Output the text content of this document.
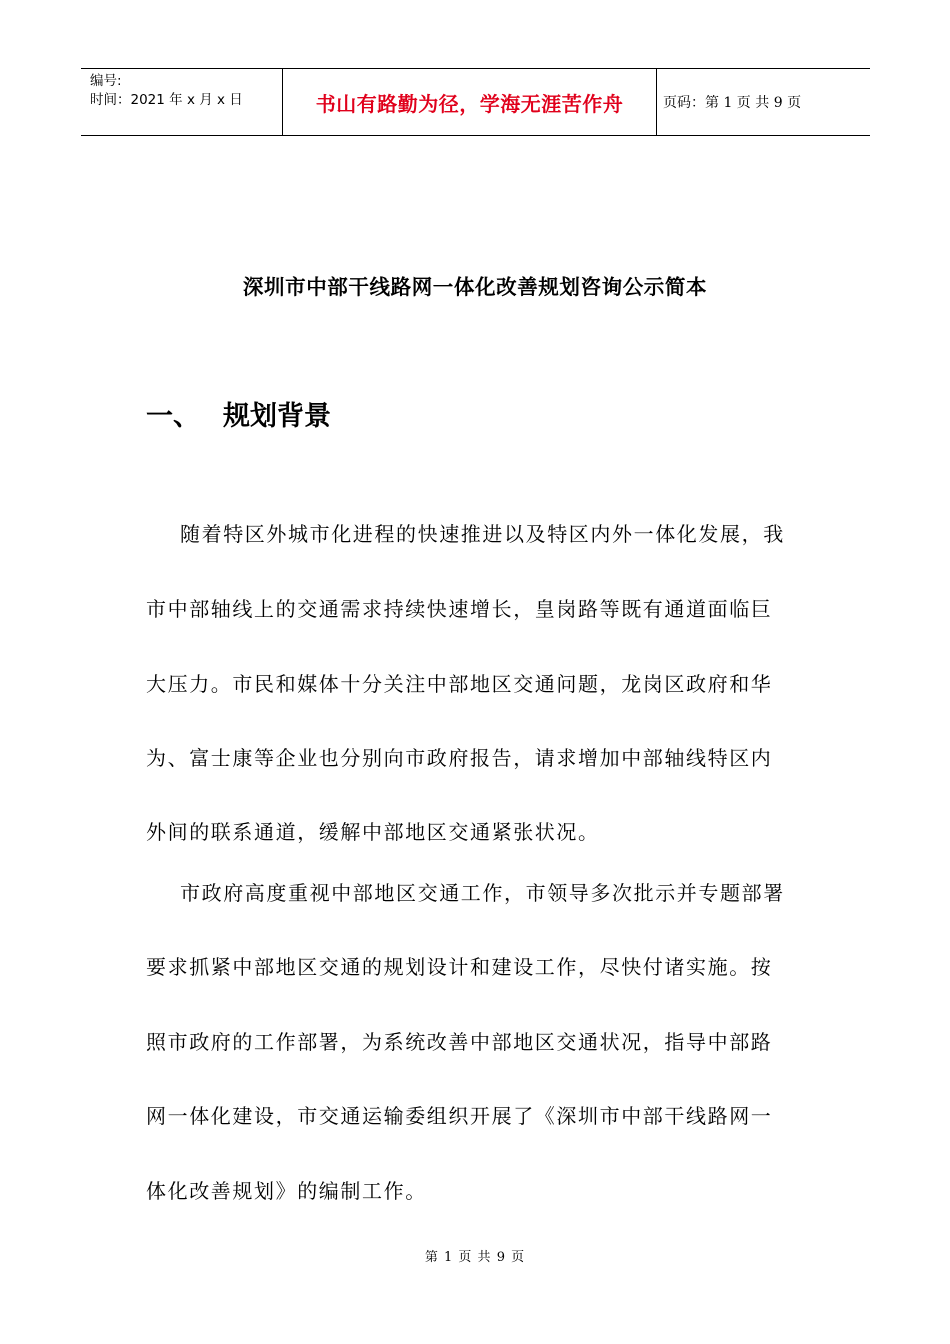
编号:
时间：2021 年 x 月 x 日	书山有路勤为径，学海无涯苦作舟	页码：第 1 页 共 9 页
深圳市中部干线路网一体化改善规划咨询公示简本
一、 规划背景
随着特区外城市化进程的快速推进以及特区内外一体化发展，我
市中部轴线上的交通需求持续快速增长，皇岗路等既有通道面临巨
大压力。市民和媒体十分关注中部地区交通问题，龙岗区政府和华
为、富士康等企业也分别向市政府报告，请求增加中部轴线特区内
外间的联系通道，缓解中部地区交通紧张状况。
市政府高度重视中部地区交通工作，市领导多次批示并专题部署
要求抓紧中部地区交通的规划设计和建设工作，尽快付诸实施。按
照市政府的工作部署，为系统改善中部地区交通状况，指导中部路
网一体化建设，市交通运输委组织开展了《深圳市中部干线路网一
体化改善规划》的编制工作。
第 1 页 共 9 页
